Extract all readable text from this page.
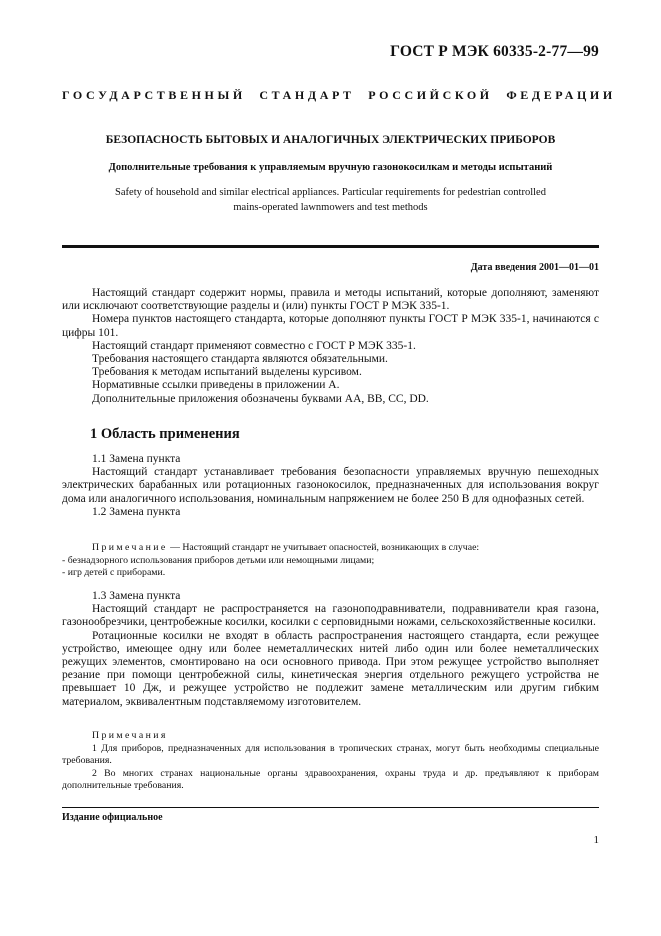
ГОСТ Р МЭК 60335-2-77—99
ГОСУДАРСТВЕННЫЙ СТАНДАРТ РОССИЙСКОЙ ФЕДЕРАЦИИ
БЕЗОПАСНОСТЬ БЫТОВЫХ И АНАЛОГИЧНЫХ ЭЛЕКТРИЧЕСКИХ ПРИБОРОВ
Дополнительные требования к управляемым вручную газонокосилкам и методы испытаний
Safety of household and similar electrical appliances. Particular requirements for pedestrian controlled
mains-operated lawnmowers and test methods
Дата введения 2001—01—01

Настоящий стандарт содержит нормы, правила и методы испытаний, которые дополняют, заменяют или исключают соответствующие разделы и (или) пункты ГОСТ Р МЭК 335-1.

Номера пунктов настоящего стандарта, которые дополняют пункты ГОСТ Р МЭК 335-1, начинаются с цифры 101.

Настоящий стандарт применяют совместно с ГОСТ Р МЭК 335-1.

Требования настоящего стандарта являются обязательными.

Требования к методам испытаний выделены курсивом.

Нормативные ссылки приведены в приложении А.

Дополнительные приложения обозначены буквами АА, ВВ, СС, DD.

1 Область применения

1.1 Замена пункта

Настоящий стандарт устанавливает требования безопасности управляемых вручную пешеходных электрических барабанных или ротационных газонокосилок, предназначенных для использования вокруг дома или аналогичного использования, номинальным напряжением не более 250 В для однофазных сетей.

1.2 Замена пункта

Примечание — Настоящий стандарт не учитывает опасностей, возникающих в случае:

- безнадзорного использования приборов детьми или немощными лицами;

- игр детей с приборами.

1.3 Замена пункта

Настоящий стандарт не распространяется на газоноподравниватели, подравниватели края газона, газонообрезчики, центробежные косилки, косилки с серповидными ножами, сельскохозяйственные косилки.

Ротационные косилки не входят в область распространения настоящего стандарта, если режущее устройство, имеющее одну или более неметаллических нитей либо один или более неметаллических режущих элементов, смонтировано на оси основного привода. При этом режущее устройство выполняет резание при помощи центробежной силы, кинетическая энергия отдельного режущего устройства не превышает 10 Дж, и режущее устройство не подлежит замене металлическим или другим гибким материалом, эквивалентным подставляемому изготовителем.

Примечания

1 Для приборов, предназначенных для использования в тропических странах, могут быть необходимы специальные требования.

2 Во многих странах национальные органы здравоохранения, охраны труда и др. предъявляют к приборам дополнительные требования.

Издание официальное
1
